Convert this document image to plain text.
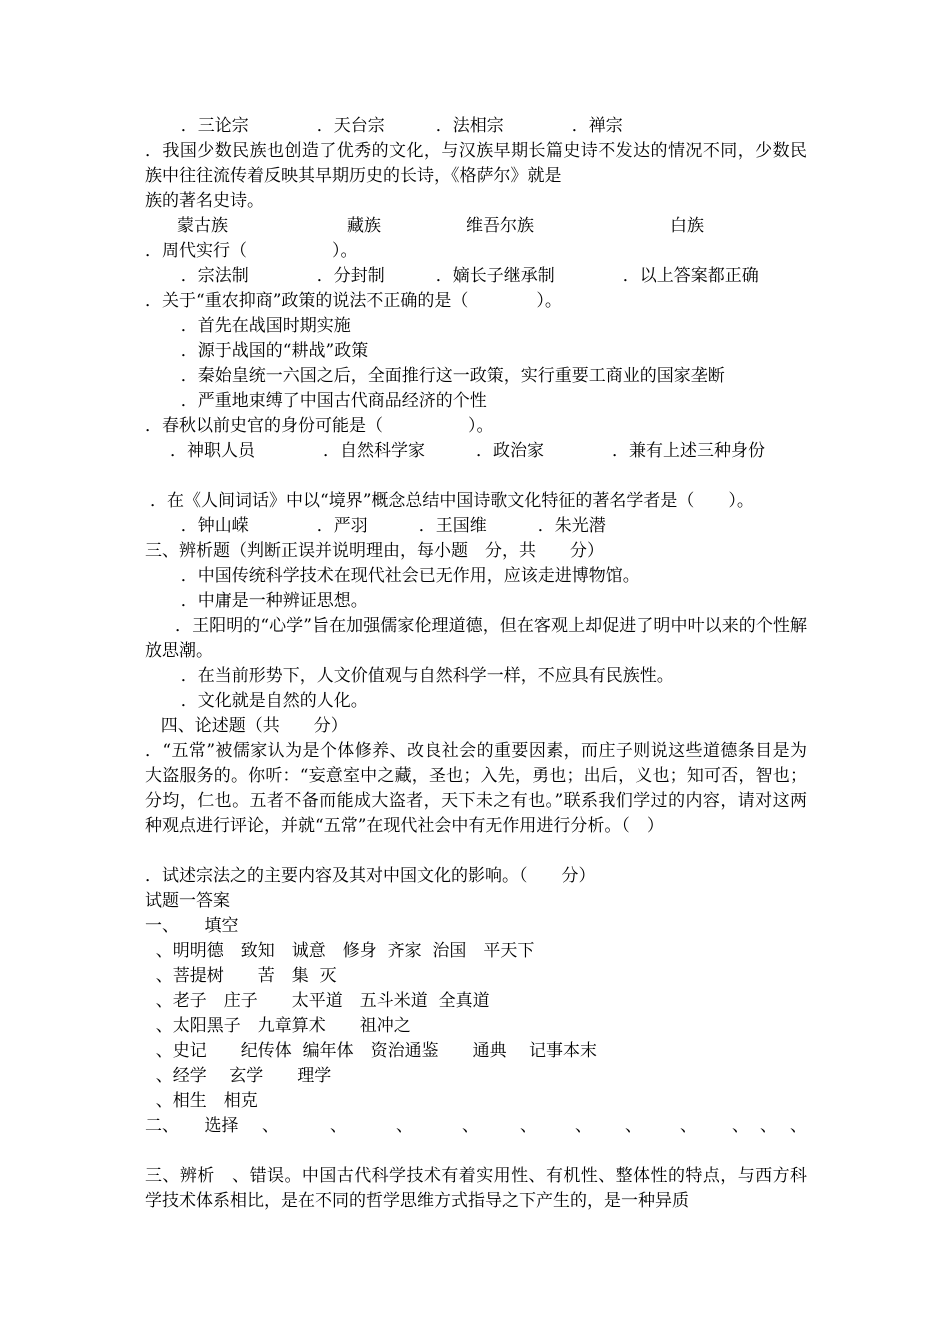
．三论宗　　　　．天台宗　　　．法相宗　　　　．禅宗

．我国少数民族也创造了优秀的文化，与汉族早期长篇史诗不发达的情况不同，少数民族中往往流传着反映其早期历史的长诗，《格萨尔》就是

族的著名史诗。

　蒙古族　　　　　　　藏族　　　　　维吾尔族　　　　　　　　白族

．周代实行（　　　　　）。

．宗法制　　　　．分封制　　　．嫡长子继承制　　　　．以上答案都正确

．关于“重农抑商”政策的说法不正确的是（　　　　）。

．首先在战国时期实施

．源于战国的“耕战”政策

．秦始皇统一六国之后，全面推行这一政策，实行重要工商业的国家垄断

．严重地束缚了中国古代商品经济的个性

．春秋以前史官的身份可能是（　　　　　）。

．神职人员　　　　．自然科学家　　　．政治家　　　　．兼有上述三种身份

．在《人间词话》中以“境界”概念总结中国诗歌文化特征的著名学者是（　　）。

．钟山嵘　　　　．严羽　　　．王国维　　　．朱光潜

三、辨析题（判断正误并说明理由，每小题　分，共　　分）

．中国传统科学技术在现代社会已无作用，应该走进博物馆。

．中庸是一种辨证思想。

．王阳明的“心学”旨在加强儒家伦理道德，但在客观上却促进了明中叶以来的个性解放思潮。

．在当前形势下，人文价值观与自然科学一样，不应具有民族性。

．文化就是自然的人化。

四、论述题（共　　分）

．“五常”被儒家认为是个体修养、改良社会的重要因素，而庄子则说这些道德条目是为大盗服务的。你听：“妄意室中之藏，圣也；入先，勇也；出后，义也；知可否，智也；分均，仁也。五者不备而能成大盗者，天下未之有也。”联系我们学过的内容，请对这两种观点进行评论，并就“五常”在现代社会中有无作用进行分析。（　）

．试述宗法之的主要内容及其对中国文化的影响。（　　分）

试题一答案

一、　　填空

、明明德　致知　诚意　修身  齐家  治国　平天下

、菩提树　　苦　集  灭

、老子　庄子　　太平道　五斗米道  全真道

、太阳黑子　九章算术　　祖冲之

、史记　　纪传体  编年体　资治通鉴　　通典　 记事本末

、经学　 玄学　　理学

、相生　相克

二、　　选择 、	、	、	、 、 、 、 、 、 、 、

三、辨析　、错误。中国古代科学技术有着实用性、有机性、整体性的特点，与西方科学技术体系相比，是在不同的哲学思维方式指导之下产生的，是一种异质
